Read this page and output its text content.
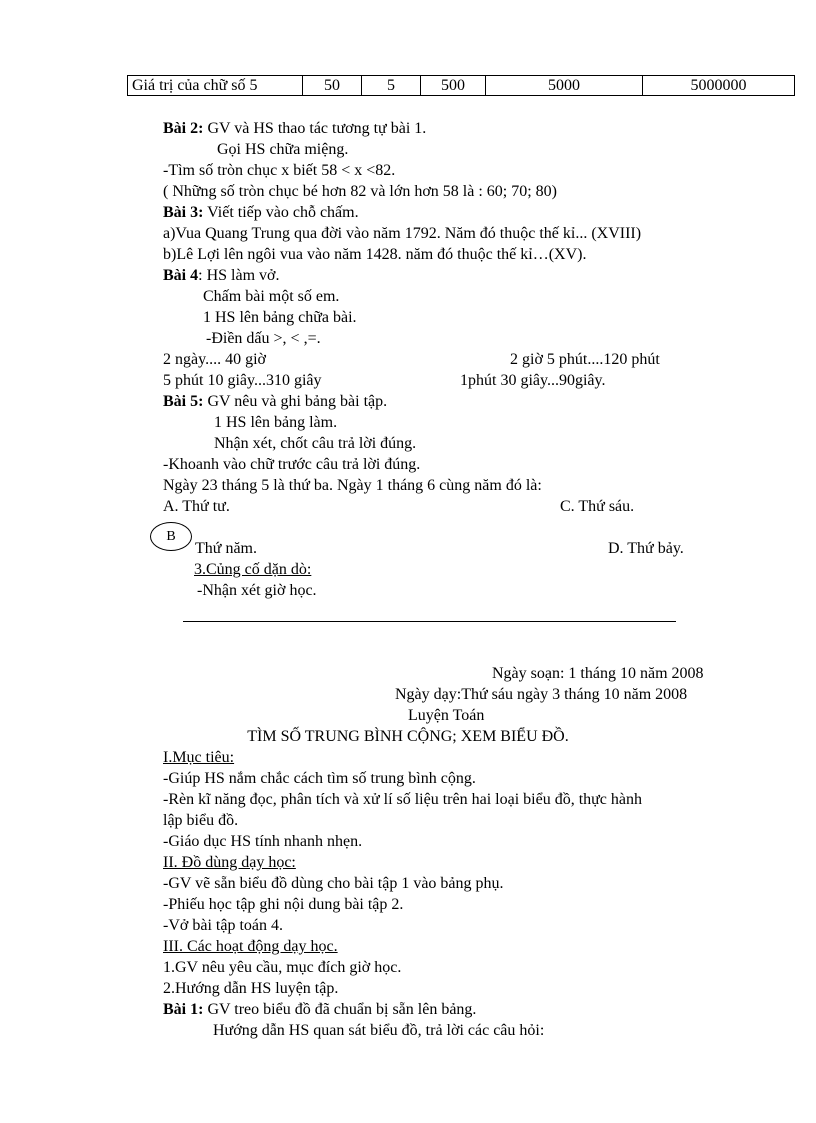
Giá trị của chữ số 5	50	5	500	5000	5000000
Bài 2: GV và HS thao tác tương tự bài 1.
Gọi HS chữa miệng.
-Tìm số tròn chục x biết 58 < x <82.
( Những số tròn chục bé hơn 82 và lớn hơn 58 là : 60; 70; 80)
Bài 3: Viết tiếp vào chỗ chấm.
a)Vua Quang Trung qua đời vào năm 1792. Năm đó thuộc thế kỉ... (XVIII)
b)Lê Lợi lên ngôi vua vào năm 1428. năm đó thuộc thế kỉ…(XV).
Bài 4: HS làm vở.
Chấm bài một số em.
1 HS lên bảng chữa bài.
-Điền dấu >, < ,=.
2 ngày.... 40 giờ	2 giờ 5 phút....120 phút
5 phút 10 giây...310 giây	1phút 30 giây...90giây.
Bài 5: GV nêu và ghi bảng bài tập.
1 HS lên bảng làm.
Nhận xét, chốt câu trả lời đúng.
-Khoanh vào chữ trước câu trả lời đúng.
Ngày 23 tháng 5 là thứ ba. Ngày 1 tháng 6 cùng năm đó là:
A. Thứ tư.	C. Thứ sáu.
B
Thứ năm.	D. Thứ bảy.
3.Củng cố dặn dò:
-Nhận xét giờ học.
Ngày soạn: 1 tháng 10 năm 2008
Ngày dạy:Thứ sáu ngày 3 tháng 10 năm 2008
Luyện Toán
TÌM SỐ TRUNG BÌNH CỘNG; XEM BIỂU ĐỒ.
I.Mục tiêu:
-Giúp HS nắm chắc cách tìm số trung bình cộng.
-Rèn kĩ năng đọc, phân tích và xử lí số liệu trên hai loại biểu đồ, thực hành
lập biểu đồ.
-Giáo dục HS tính nhanh nhẹn.
II. Đồ dùng dạy học:
-GV vẽ sẵn biểu đồ dùng cho bài tập 1 vào bảng phụ.
-Phiếu học tập ghi nội dung bài tập 2.
-Vở bài tập toán 4.
III. Các hoạt động dạy học.
1.GV nêu yêu cầu, mục đích giờ học.
2.Hướng dẫn HS luyện tập.
Bài 1: GV treo biểu đồ đã chuẩn bị sẵn lên bảng.
Hướng dẫn HS quan sát biểu đồ, trả lời các câu hỏi:
